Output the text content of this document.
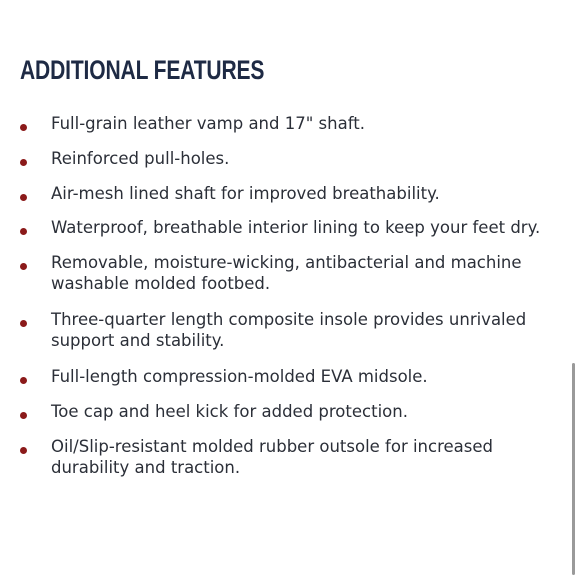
ADDITIONAL FEATURES
Full-grain leather vamp and 17" shaft.
Reinforced pull-holes.
Air-mesh lined shaft for improved breathability.
Waterproof, breathable interior lining to keep your feet dry.
Removable, moisture-wicking, antibacterial and machine
washable molded footbed.
Three-quarter length composite insole provides unrivaled
support and stability.
Full-length compression-molded EVA midsole.
Toe cap and heel kick for added protection.
Oil/Slip-resistant molded rubber outsole for increased
durability and traction.
